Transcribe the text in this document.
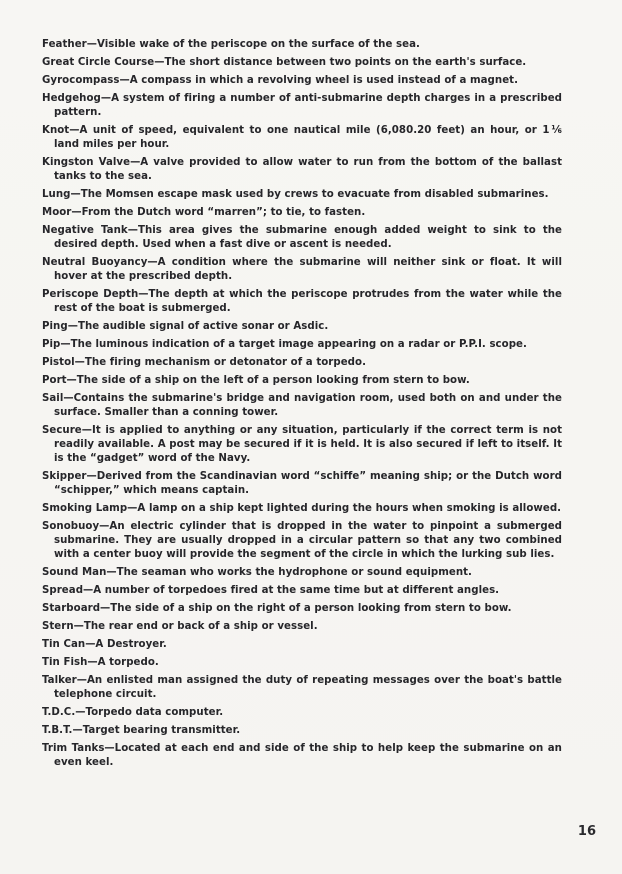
Feather—Visible wake of the periscope on the surface of the sea.

Great Circle Course—The short distance between two points on the earth's surface.

Gyrocompass—A compass in which a revolving wheel is used instead of a magnet.

Hedgehog—A system of firing a number of anti-submarine depth charges in a prescribed pattern.

Knot—A unit of speed, equivalent to one nautical mile (6,080.20 feet) an hour, or 1⅙ land miles per hour.

Kingston Valve—A valve provided to allow water to run from the bottom of the ballast tanks to the sea.

Lung—The Momsen escape mask used by crews to evacuate from disabled submarines.

Moor—From the Dutch word “marren”; to tie, to fasten.

Negative Tank—This area gives the submarine enough added weight to sink to the desired depth. Used when a fast dive or ascent is needed.

Neutral Buoyancy—A condition where the submarine will neither sink or float. It will hover at the prescribed depth.

Periscope Depth—The depth at which the periscope protrudes from the water while the rest of the boat is submerged.

Ping—The audible signal of active sonar or Asdic.

Pip—The luminous indication of a target image appearing on a radar or P.P.I. scope.

Pistol—The firing mechanism or detonator of a torpedo.

Port—The side of a ship on the left of a person looking from stern to bow.

Sail—Contains the submarine's bridge and navigation room, used both on and under the surface. Smaller than a conning tower.

Secure—It is applied to anything or any situation, particularly if the correct term is not readily available. A post may be secured if it is held. It is also secured if left to itself. It is the “gadget” word of the Navy.

Skipper—Derived from the Scandinavian word “schiffe” meaning ship; or the Dutch word “schipper,” which means captain.

Smoking Lamp—A lamp on a ship kept lighted during the hours when smoking is allowed.

Sonobuoy—An electric cylinder that is dropped in the water to pinpoint a submerged submarine. They are usually dropped in a circular pattern so that any two combined with a center buoy will provide the segment of the circle in which the lurking sub lies.

Sound Man—The seaman who works the hydrophone or sound equipment.

Spread—A number of torpedoes fired at the same time but at different angles.

Starboard—The side of a ship on the right of a person looking from stern to bow.

Stern—The rear end or back of a ship or vessel.

Tin Can—A Destroyer.

Tin Fish—A torpedo.

Talker—An enlisted man assigned the duty of repeating messages over the boat's battle telephone circuit.

T.D.C.—Torpedo data computer.

T.B.T.—Target bearing transmitter.

Trim Tanks—Located at each end and side of the ship to help keep the submarine on an even keel.

16
